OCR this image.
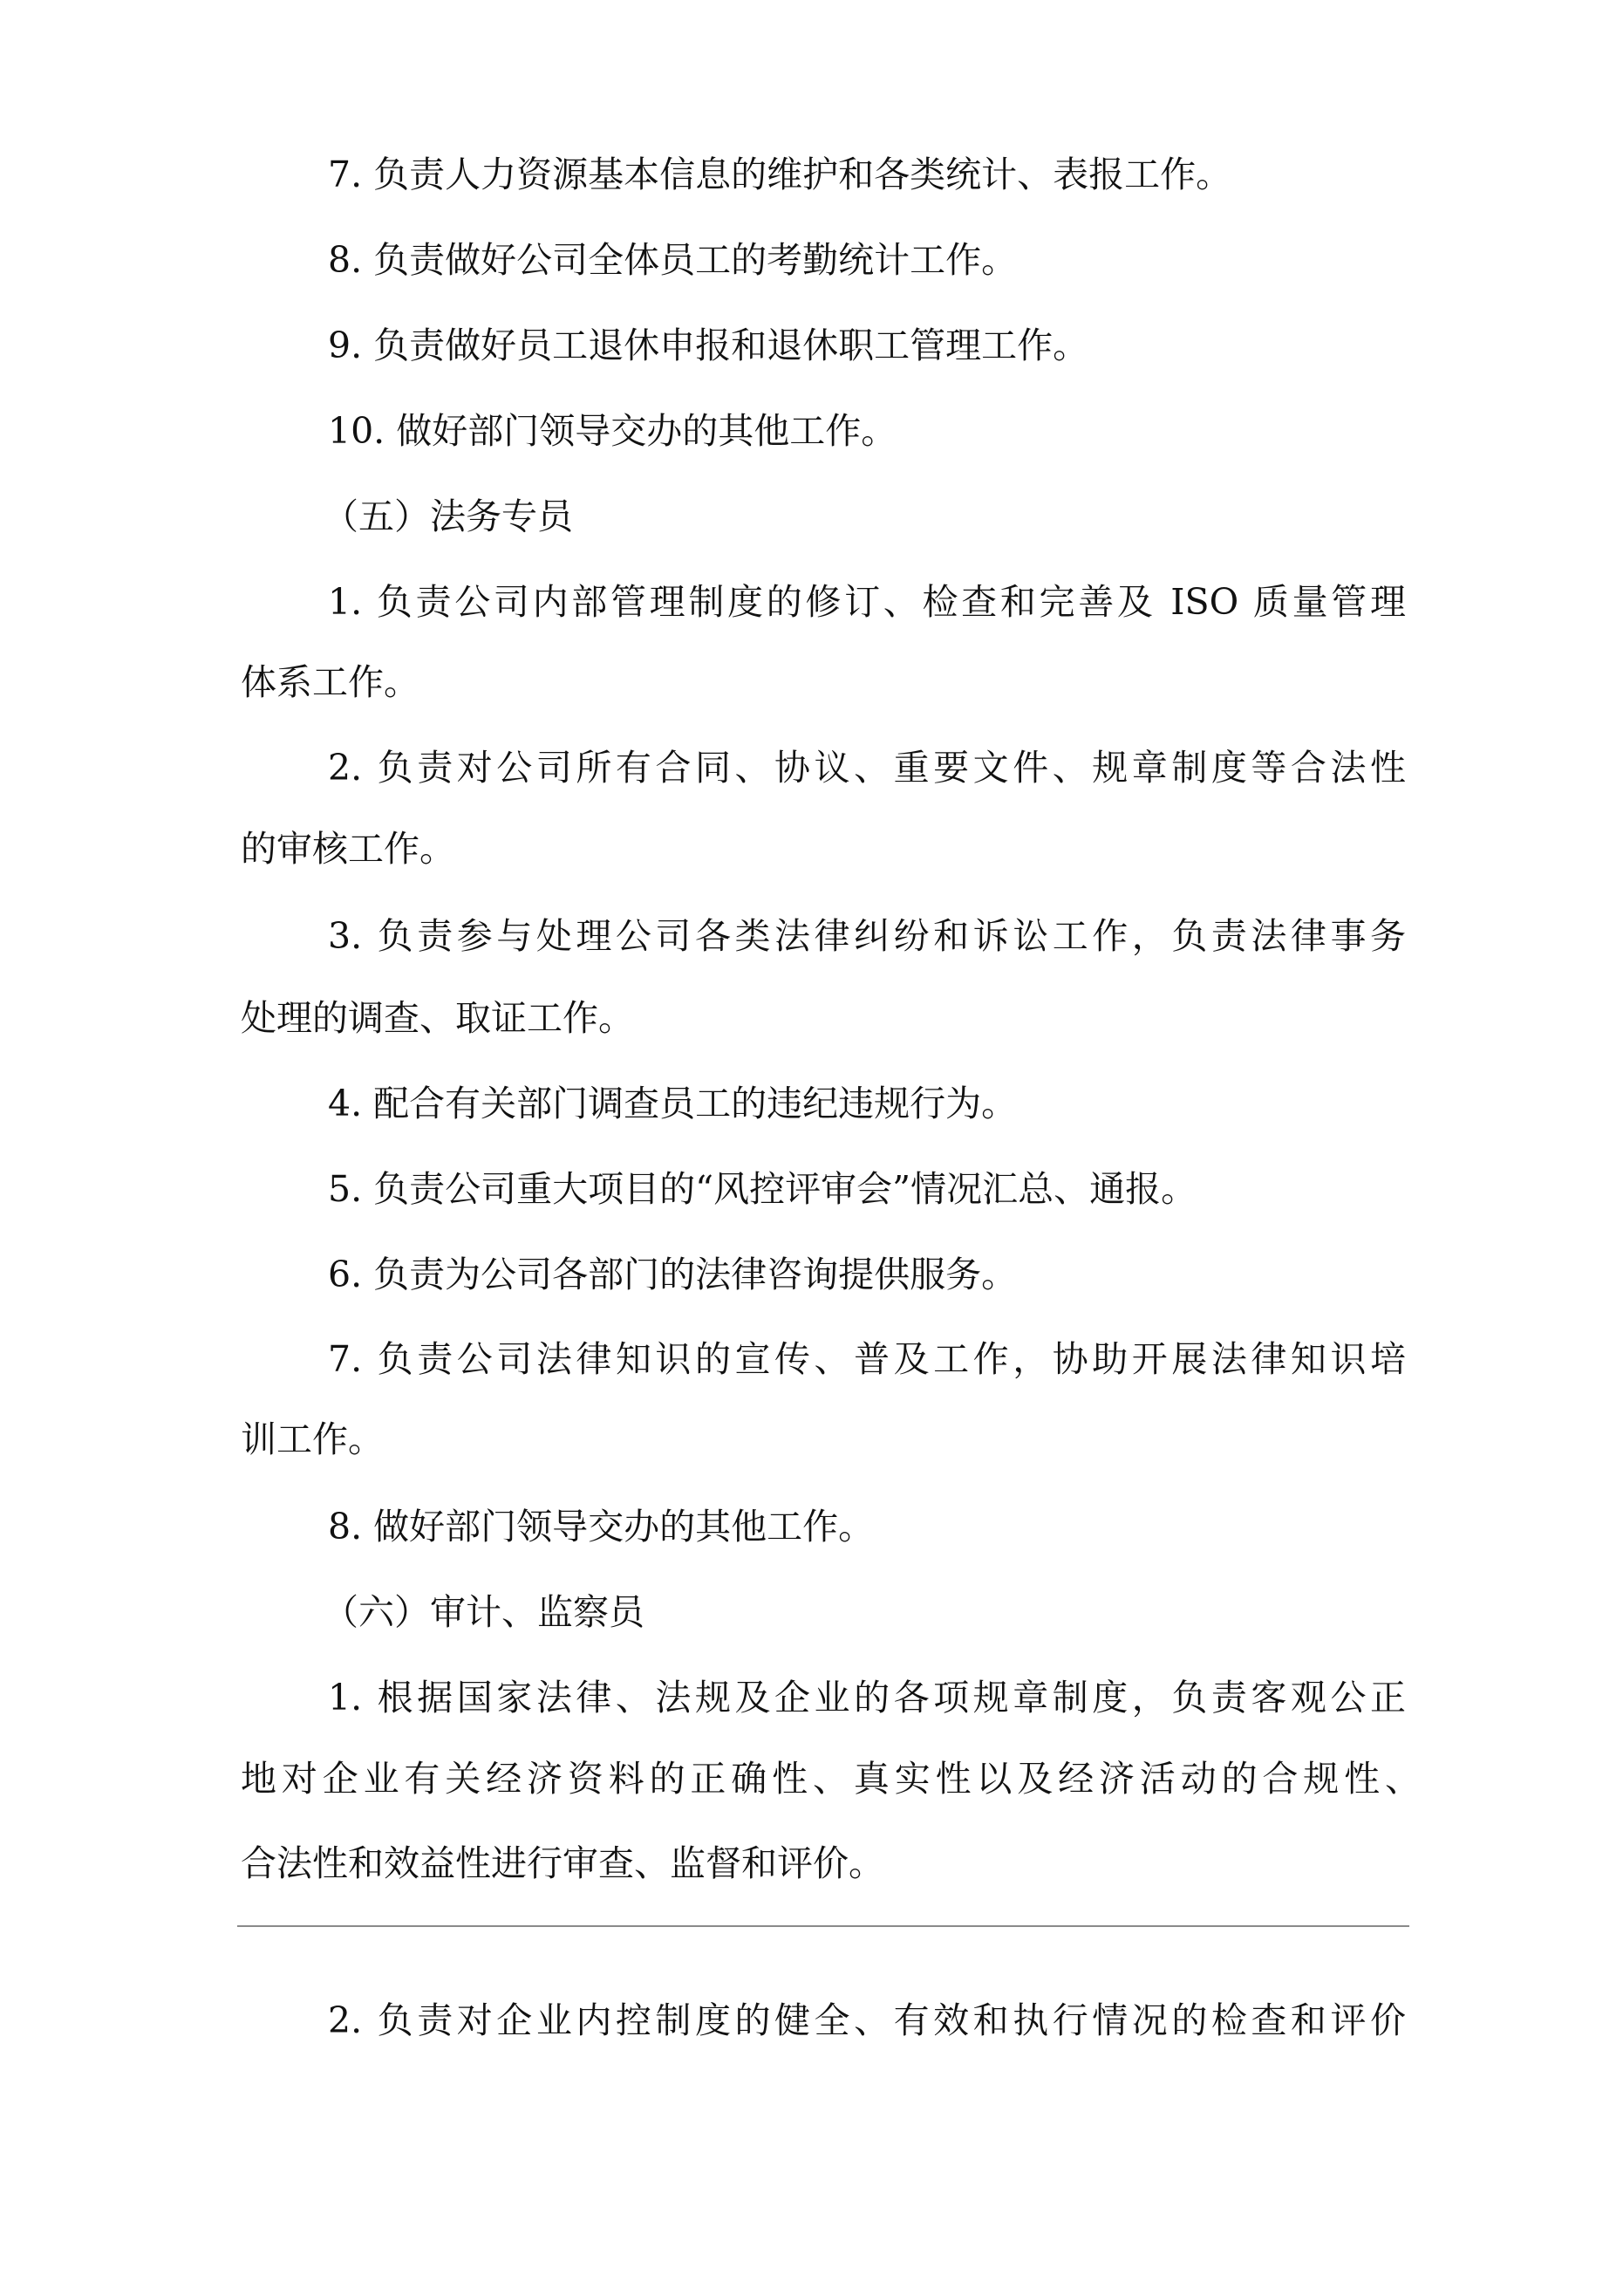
7. 负责人力资源基本信息的维护和各类统计、表报工作。
8. 负责做好公司全体员工的考勤统计工作。
9. 负责做好员工退休申报和退休职工管理工作。
10. 做好部门领导交办的其他工作。
（五）法务专员
1. 负责公司内部管理制度的修订、检查和完善及 ISO 质量管理
体系工作。
2. 负责对公司所有合同、协议、重要文件、规章制度等合法性
的审核工作。
3. 负责参与处理公司各类法律纠纷和诉讼工作，负责法律事务
处理的调查、取证工作。
4. 配合有关部门调查员工的违纪违规行为。
5. 负责公司重大项目的“风控评审会”情况汇总、通报。
6. 负责为公司各部门的法律咨询提供服务。
7. 负责公司法律知识的宣传、普及工作，协助开展法律知识培
训工作。
8. 做好部门领导交办的其他工作。
（六）审计、监察员
1. 根据国家法律、法规及企业的各项规章制度，负责客观公正
地对企业有关经济资料的正确性、真实性以及经济活动的合规性、
合法性和效益性进行审查、监督和评价。
2. 负责对企业内控制度的健全、有效和执行情况的检查和评价
